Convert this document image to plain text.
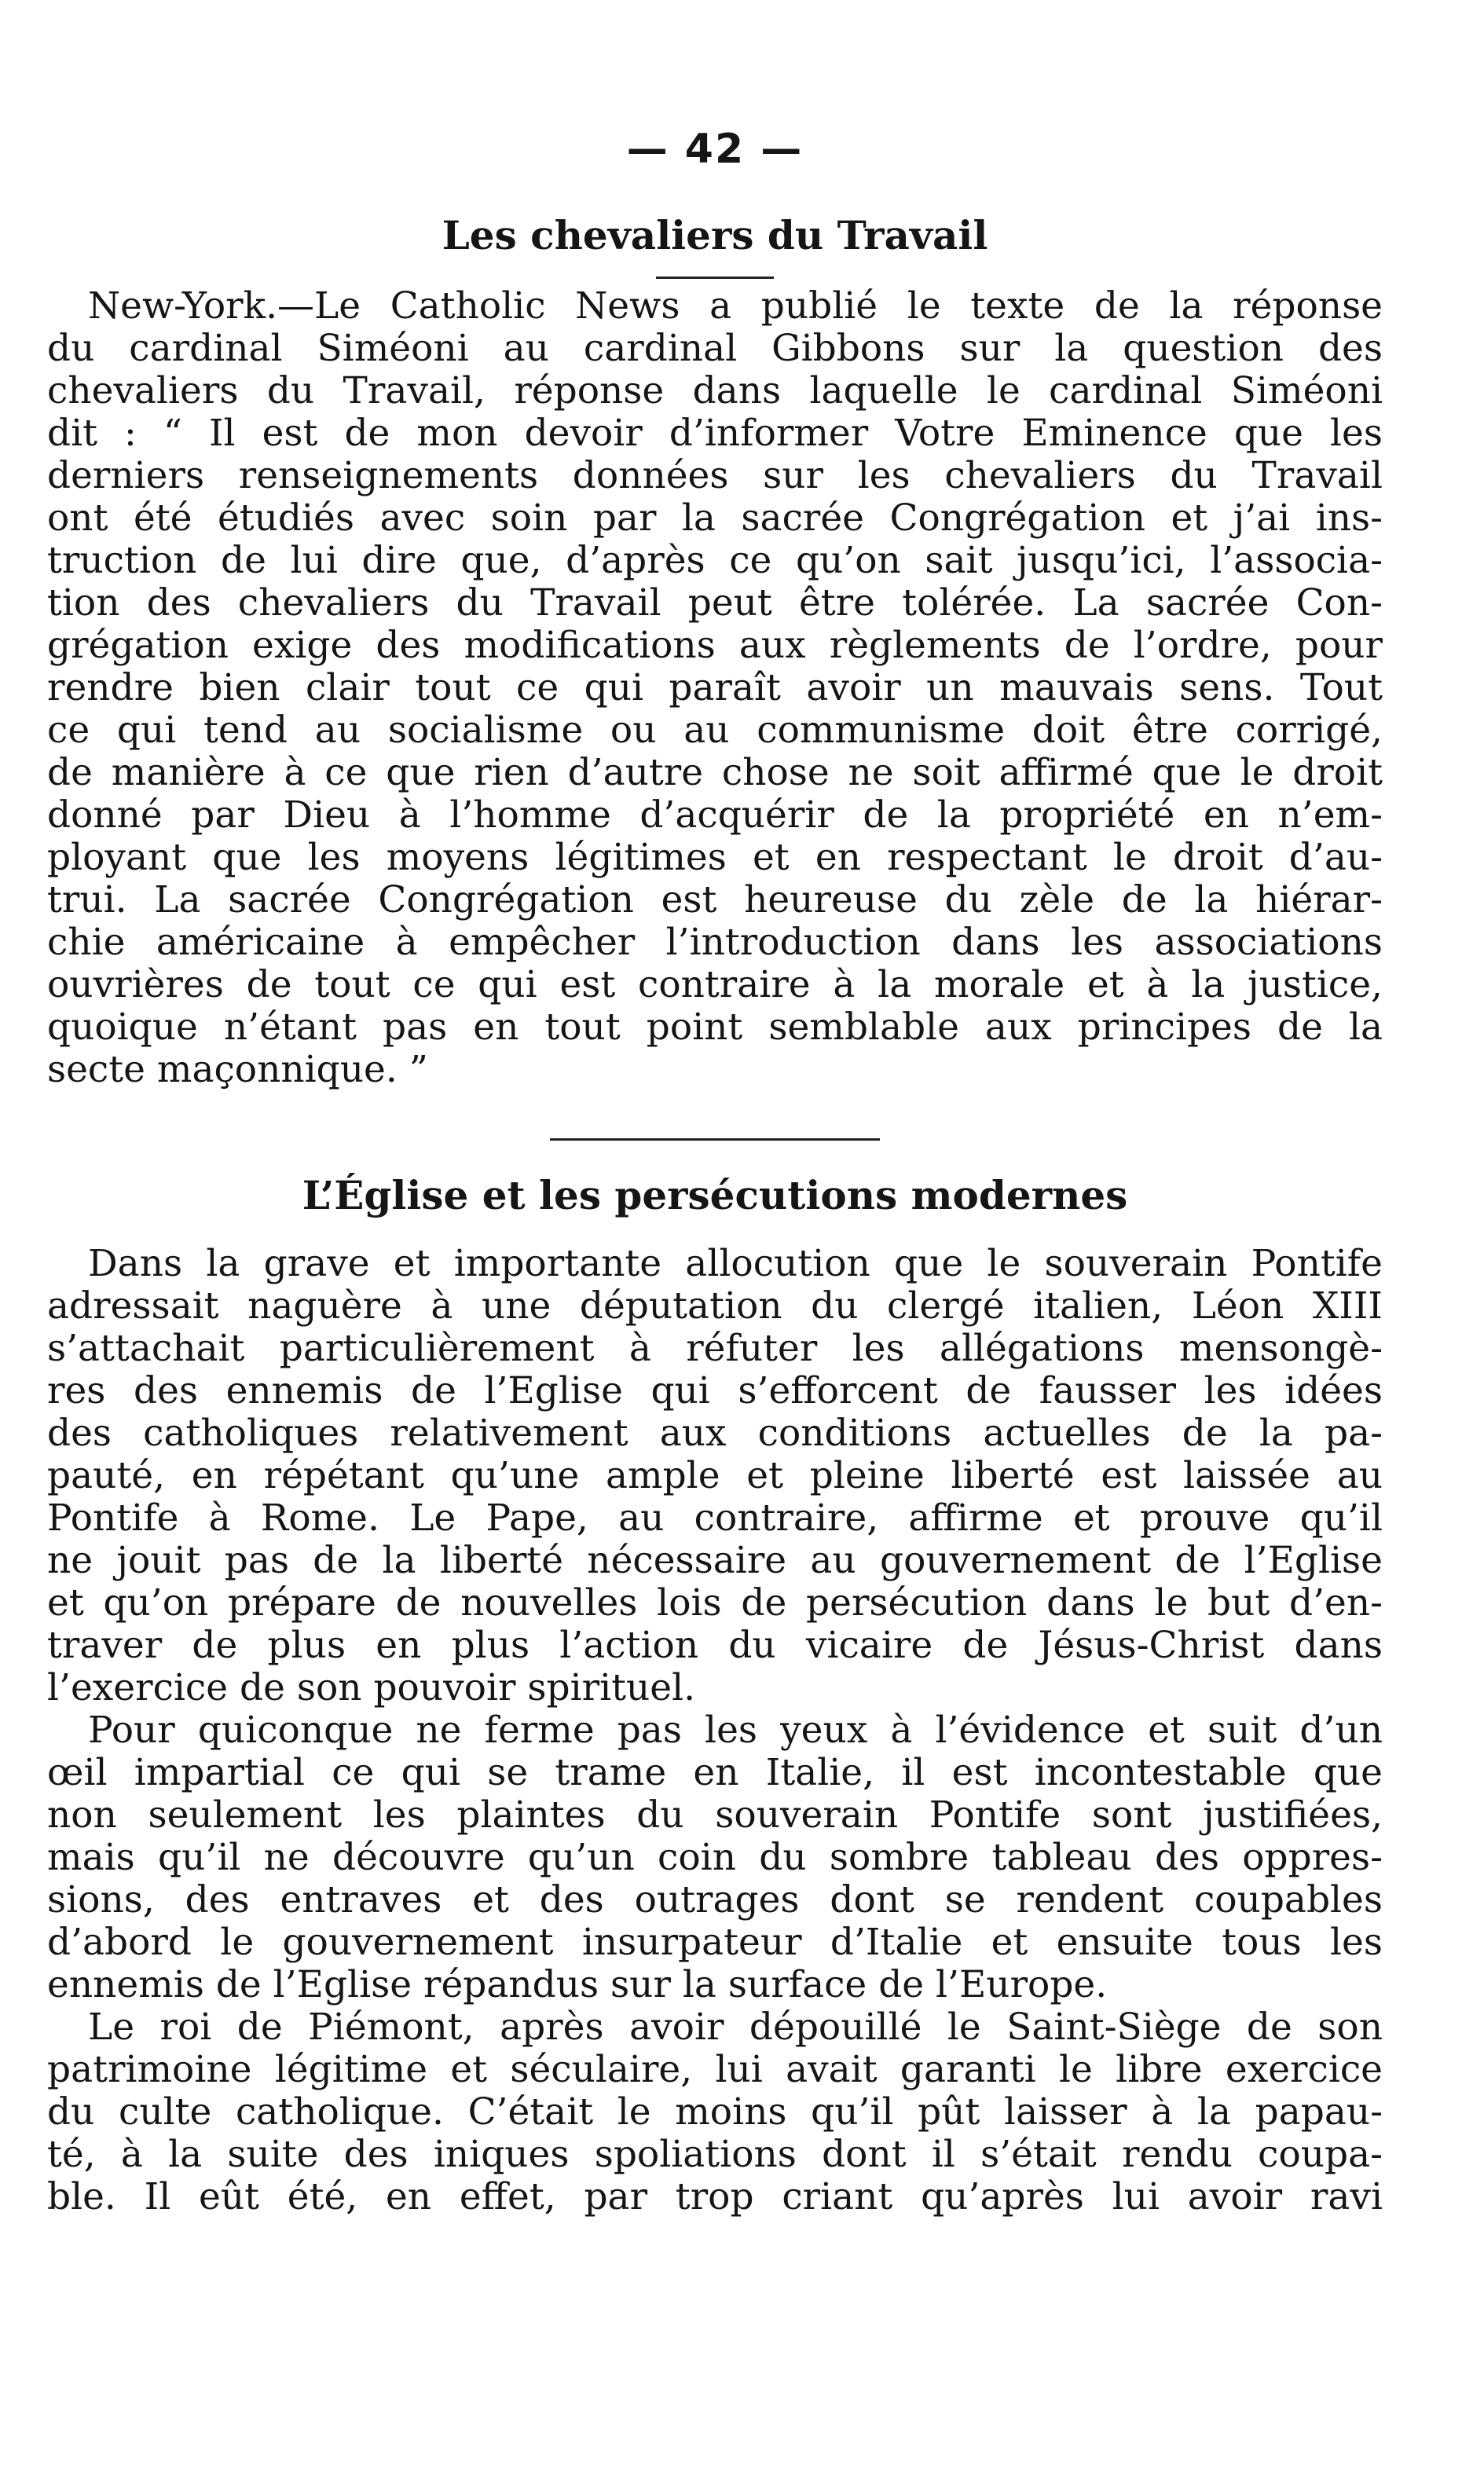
— 42 —
Les chevaliers du Travail
New-York.—Le Catholic News a publié le texte de la réponse
du cardinal Siméoni au cardinal Gibbons sur la question des
chevaliers du Travail, réponse dans laquelle le cardinal Siméoni
dit : “ Il est de mon devoir d’informer Votre Eminence que les
derniers renseignements données sur les chevaliers du Travail
ont été étudiés avec soin par la sacrée Congrégation et j’ai ins-
truction de lui dire que, d’après ce qu’on sait jusqu’ici, l’associa-
tion des chevaliers du Travail peut être tolérée. La sacrée Con-
grégation exige des modifications aux règlements de l’ordre, pour
rendre bien clair tout ce qui paraît avoir un mauvais sens. Tout
ce qui tend au socialisme ou au communisme doit être corrigé,
de manière à ce que rien d’autre chose ne soit affirmé que le droit
donné par Dieu à l’homme d’acquérir de la propriété en n’em-
ployant que les moyens légitimes et en respectant le droit d’au-
trui. La sacrée Congrégation est heureuse du zèle de la hiérar-
chie américaine à empêcher l’introduction dans les associations
ouvrières de tout ce qui est contraire à la morale et à la justice,
quoique n’étant pas en tout point semblable aux principes de la
secte maçonnique. ”
L’Église et les persécutions modernes
Dans la grave et importante allocution que le souverain Pontife
adressait naguère à une députation du clergé italien, Léon XIII
s’attachait particulièrement à réfuter les allégations mensongè-
res des ennemis de l’Eglise qui s’efforcent de fausser les idées
des catholiques relativement aux conditions actuelles de la pa-
pauté, en répétant qu’une ample et pleine liberté est laissée au
Pontife à Rome. Le Pape, au contraire, affirme et prouve qu’il
ne jouit pas de la liberté nécessaire au gouvernement de l’Eglise
et qu’on prépare de nouvelles lois de persécution dans le but d’en-
traver de plus en plus l’action du vicaire de Jésus-Christ dans
l’exercice de son pouvoir spirituel.
Pour quiconque ne ferme pas les yeux à l’évidence et suit d’un
œil impartial ce qui se trame en Italie, il est incontestable que
non seulement les plaintes du souverain Pontife sont justifiées,
mais qu’il ne découvre qu’un coin du sombre tableau des oppres-
sions, des entraves et des outrages dont se rendent coupables
d’abord le gouvernement insurpateur d’Italie et ensuite tous les
ennemis de l’Eglise répandus sur la surface de l’Europe.
Le roi de Piémont, après avoir dépouillé le Saint-Siège de son
patrimoine légitime et séculaire, lui avait garanti le libre exercice
du culte catholique. C’était le moins qu’il pût laisser à la papau-
té, à la suite des iniques spoliations dont il s’était rendu coupa-
ble. Il eût été, en effet, par trop criant qu’après lui avoir ravi
